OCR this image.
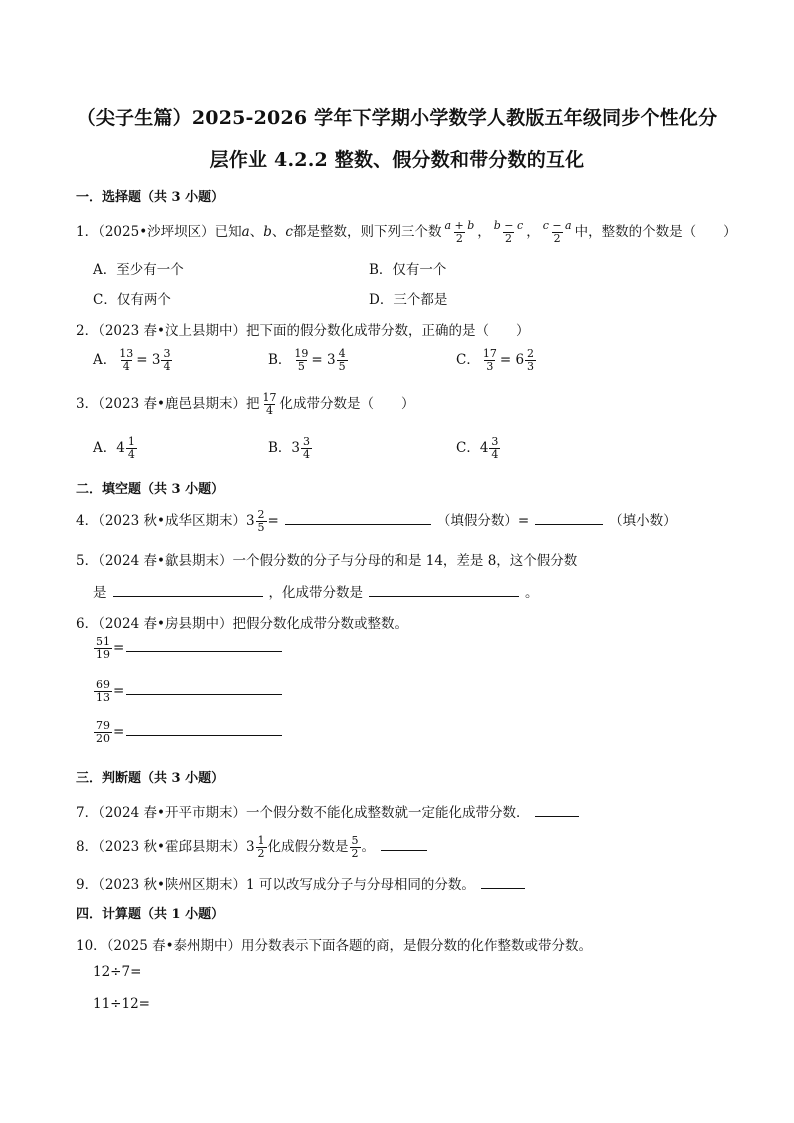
（尖子生篇）2025-2026 学年下学期小学数学人教版五年级同步个性化分
层作业 4.2.2 整数、假分数和带分数的互化
一．选择题（共 3 小题）
1．（2025•沙坪坝区）已知a、b、c都是整数，则下列三个数 $\frac{a + b}{2}$ ， $\frac{b - c}{2}$ ， $\frac{c - a}{2}$ 中，整数的个数是（　　）
A．至少有一个	B．仅有一个
C．仅有两个	D．三个都是
2．（2023 春•汶上县期中）把下面的假分数化成带分数，正确的是（　　）
A． $\frac{13}{4} = 3 \frac{3}{4}$	B． $\frac{19}{5} = 3 \frac{4}{5}$	C． $\frac{17}{3} = 6 \frac{2}{3}$
3．（2023 春•鹿邑县期末）把 $\frac{17}{4}$ 化成带分数是（　　）
A．$4 \frac{1}{4}$	B．$3 \frac{3}{4}$	C．$4 \frac{3}{4}$
二．填空题（共 3 小题）
4．（2023 秋•成华区期末）$3 \frac{2}{5}$ =	（填假分数）=	（填小数）
5．（2024 春•歙县期末）一个假分数的分子与分母的和是 14，差是 8，这个假分数
是	，化成带分数是	。
6．（2024 春•房县期中）把假分数化成带分数或整数。
$\frac{51}{19}$ =
$\frac{69}{13}$ =
$\frac{79}{20}$ =
三．判断题（共 3 小题）
7．（2024 春•开平市期末）一个假分数不能化成整数就一定能化成带分数．
8．（2023 秋•霍邱县期末）$3 \frac{1}{2}$ 化成假分数是 $\frac{5}{2}$ 。
9．（2023 秋•陕州区期末）1 可以改写成分子与分母相同的分数。
四．计算题（共 1 小题）
10．（2025 春•泰州期中）用分数表示下面各题的商，是假分数的化作整数或带分数。
12÷7=
11÷12=
